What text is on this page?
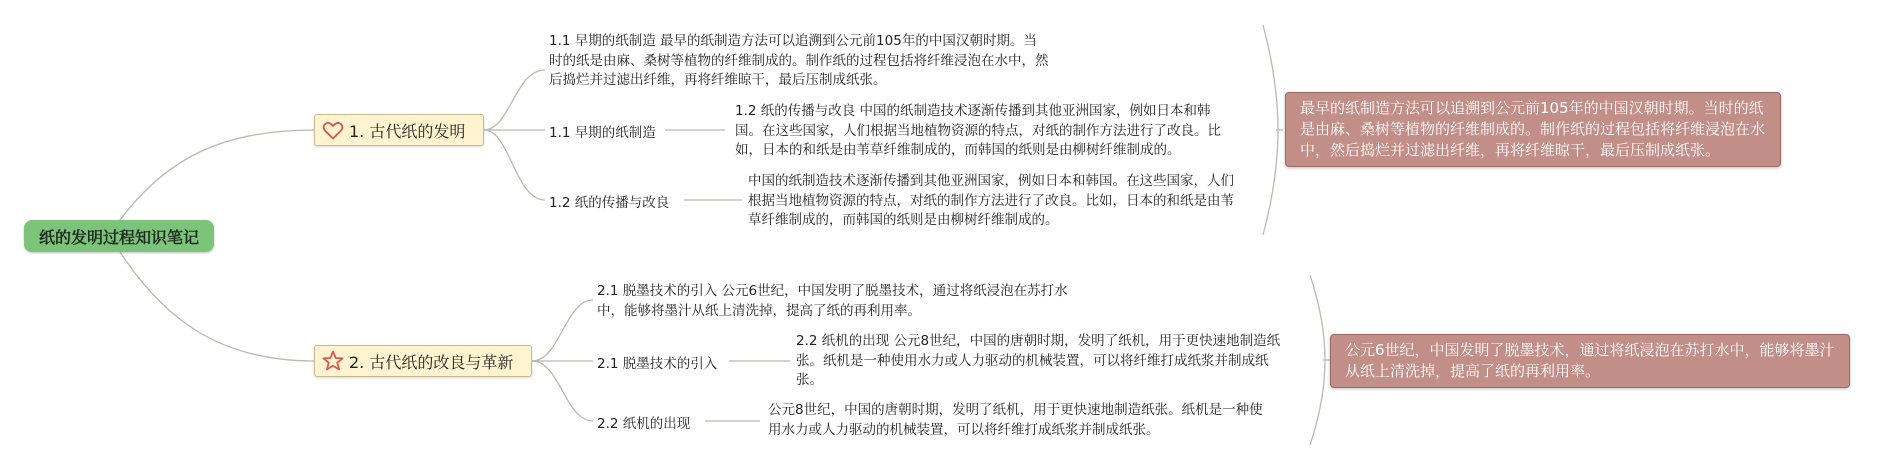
纸的发明过程知识笔记
1. 古代纸的发明
1.1 早期的纸制造 最早的纸制造方法可以追溯到公元前105年的中国汉朝时期。当时的纸是由麻、桑树等植物的纤维制成的。制作纸的过程包括将纤维浸泡在水中，然后捣烂并过滤出纤维，再将纤维晾干，最后压制成纸张。
1.1 早期的纸制造
1.2 纸的传播与改良 中国的纸制造技术逐渐传播到其他亚洲国家，例如日本和韩国。在这些国家，人们根据当地植物资源的特点，对纸的制作方法进行了改良。比如，日本的和纸是由苇草纤维制成的，而韩国的纸则是由柳树纤维制成的。
1.2 纸的传播与改良
中国的纸制造技术逐渐传播到其他亚洲国家，例如日本和韩国。在这些国家，人们根据当地植物资源的特点，对纸的制作方法进行了改良。比如，日本的和纸是由苇草纤维制成的，而韩国的纸则是由柳树纤维制成的。
最早的纸制造方法可以追溯到公元前105年的中国汉朝时期。当时的纸是由麻、桑树等植物的纤维制成的。制作纸的过程包括将纤维浸泡在水中，然后捣烂并过滤出纤维，再将纤维晾干，最后压制成纸张。
2. 古代纸的改良与革新
2.1 脱墨技术的引入 公元6世纪，中国发明了脱墨技术，通过将纸浸泡在苏打水中，能够将墨汁从纸上清洗掉，提高了纸的再利用率。
2.1 脱墨技术的引入
2.2 纸机的出现 公元8世纪，中国的唐朝时期，发明了纸机，用于更快速地制造纸张。纸机是一种使用水力或人力驱动的机械装置，可以将纤维打成纸浆并制成纸张。
2.2 纸机的出现
公元8世纪，中国的唐朝时期，发明了纸机，用于更快速地制造纸张。纸机是一种使用水力或人力驱动的机械装置，可以将纤维打成纸浆并制成纸张。
公元6世纪，中国发明了脱墨技术，通过将纸浸泡在苏打水中，能够将墨汁从纸上清洗掉，提高了纸的再利用率。
